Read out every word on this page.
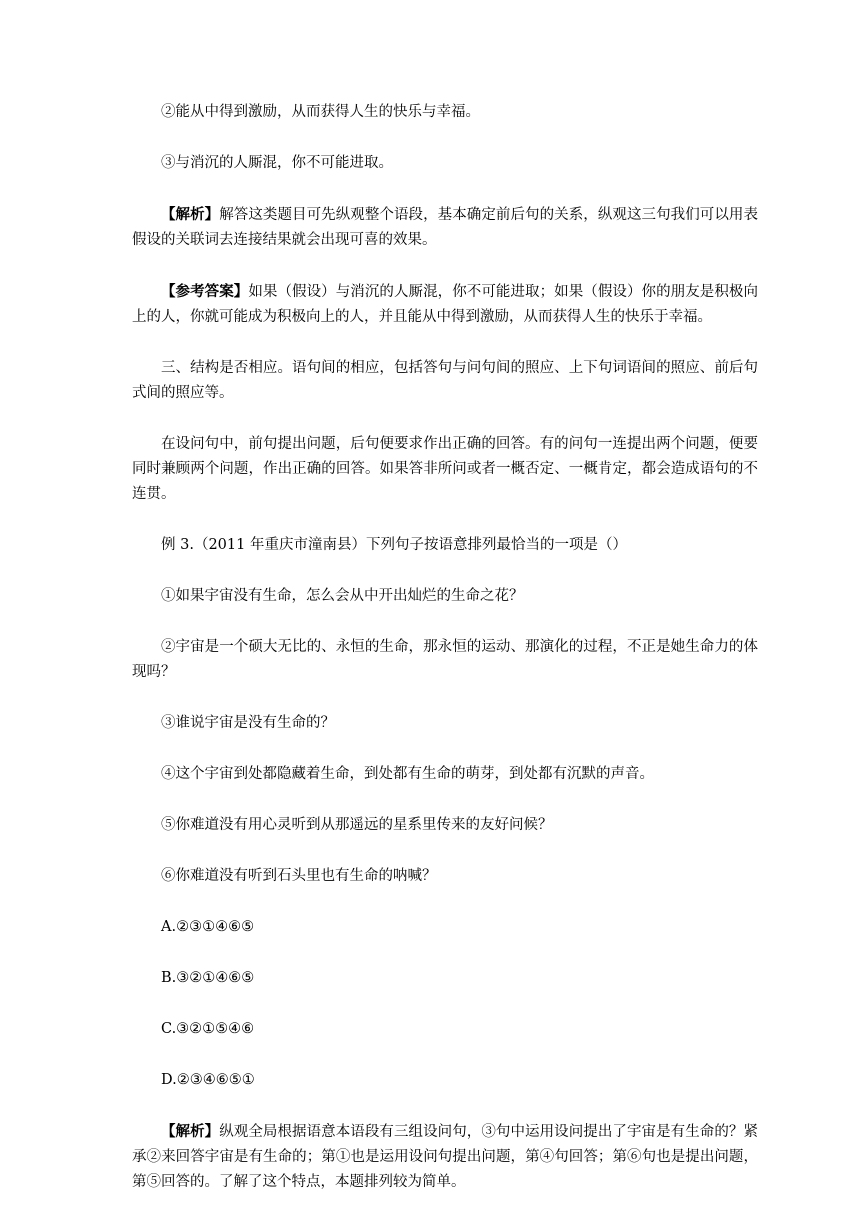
②能从中得到激励，从而获得人生的快乐与幸福。

③与消沉的人厮混，你不可能进取。

【解析】解答这类题目可先纵观整个语段，基本确定前后句的关系，纵观这三句我们可以用表假设的关联词去连接结果就会出现可喜的效果。

【参考答案】如果（假设）与消沉的人厮混，你不可能进取；如果（假设）你的朋友是积极向上的人，你就可能成为积极向上的人，并且能从中得到激励，从而获得人生的快乐于幸福。

三、结构是否相应。语句间的相应，包括答句与问句间的照应、上下句词语间的照应、前后句式间的照应等。

在设问句中，前句提出问题，后句便要求作出正确的回答。有的问句一连提出两个问题，便要同时兼顾两个问题，作出正确的回答。如果答非所问或者一概否定、一概肯定，都会造成语句的不连贯。

例 3.（2011 年重庆市潼南县）下列句子按语意排列最恰当的一项是（）

①如果宇宙没有生命，怎么会从中开出灿烂的生命之花？

②宇宙是一个硕大无比的、永恒的生命，那永恒的运动、那演化的过程，不正是她生命力的体现吗？

③谁说宇宙是没有生命的？

④这个宇宙到处都隐藏着生命，到处都有生命的萌芽，到处都有沉默的声音。

⑤你难道没有用心灵听到从那遥远的星系里传来的友好问候？

⑥你难道没有听到石头里也有生命的呐喊？

A.②③①④⑥⑤

B.③②①④⑥⑤

C.③②①⑤④⑥

D.②③④⑥⑤①

【解析】纵观全局根据语意本语段有三组设问句，③句中运用设问提出了宇宙是有生命的？紧承②来回答宇宙是有生命的；第①也是运用设问句提出问题，第④句回答；第⑥句也是提出问题，第⑤回答的。了解了这个特点，本题排列较为简单。
